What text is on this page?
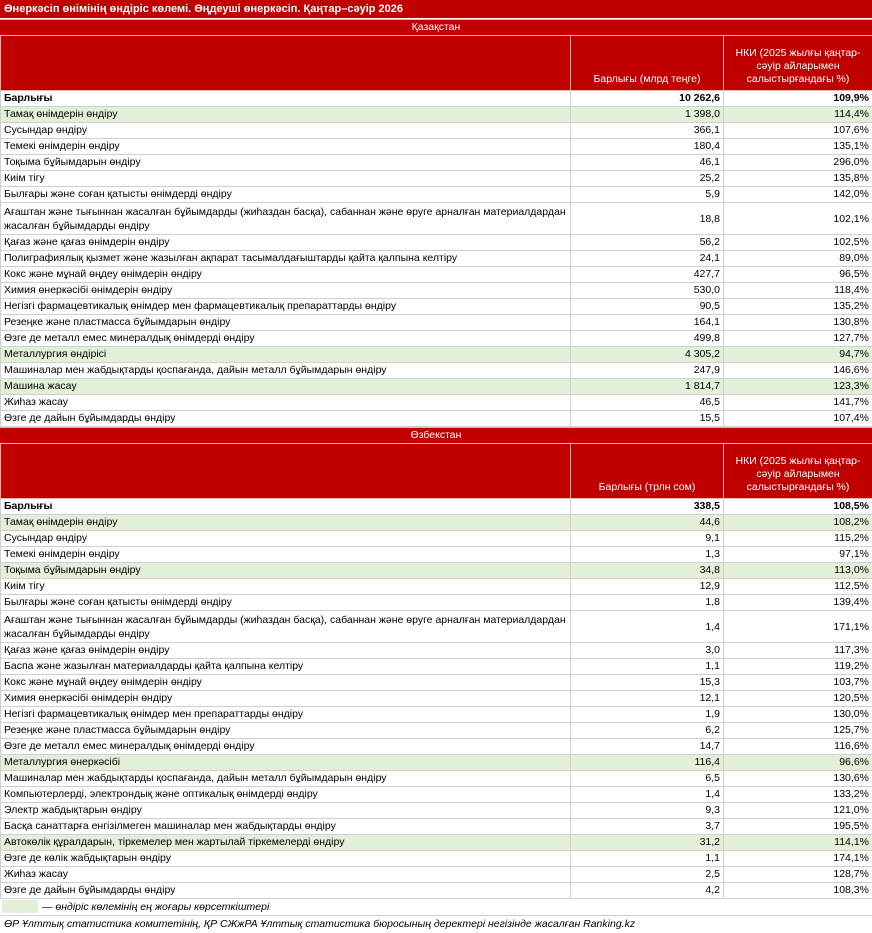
Өнеркәсіп өнімінің өндіріс көлемі. Өңдеуші өнеркәсіп. Қаңтар–сәуір 2026
Қазақстан
	Барлығы (млрд теңге)	НКИ (2025 жылғы қаңтар-сәуір айларымен салыстырғандағы %)
Барлығы	10 262,6	109,9%
Тамақ өнімдерін өндіру	1 398,0	114,4%
Сусындар өндіру	366,1	107,6%
Темекі өнімдерін өндіру	180,4	135,1%
Тоқыма бұйымдарын өндіру	46,1	296,0%
Киім тігу	25,2	135,8%
Былғары және соған қатысты өнімдерді өндіру	5,9	142,0%
Ағаштан және тығыннан жасалған бұйымдарды (жиһаздан басқа), сабаннан және өруге арналған материалдардан жасалған бұйымдарды өндіру	18,8	102,1%
Қағаз және қағаз өнімдерін өндіру	56,2	102,5%
Полиграфиялық қызмет және жазылған ақпарат тасымалдағыштарды қайта қалпына келтіру	24,1	89,0%
Кокс және мұнай өңдеу өнімдерін өндіру	427,7	96,5%
Химия өнеркәсібі өнімдерін өндіру	530,0	118,4%
Негізгі фармацевтикалық өнімдер мен фармацевтикалық препараттарды өндіру	90,5	135,2%
Резеңке және пластмасса бұйымдарын өндіру	164,1	130,8%
Өзге де металл емес минералдық өнімдерді өндіру	499,8	127,7%
Металлургия өндірісі	4 305,2	94,7%
Машиналар мен жабдықтарды қоспағанда, дайын металл бұйымдарын өндіру	247,9	146,6%
Машина жасау	1 814,7	123,3%
Жиһаз жасау	46,5	141,7%
Өзге де дайын бұйымдарды өндіру	15,5	107,4%
Өзбекстан
	Барлығы (трлн сом)	НКИ (2025 жылғы қаңтар-сәуір айларымен салыстырғандағы %)
Барлығы	338,5	108,5%
Тамақ өнімдерін өндіру	44,6	108,2%
Сусындар өндіру	9,1	115,2%
Темекі өнімдерін өндіру	1,3	97,1%
Тоқыма бұйымдарын өндіру	34,8	113,0%
Киім тігу	12,9	112,5%
Былғары және соған қатысты өнімдерді өндіру	1,8	139,4%
Ағаштан және тығыннан жасалған бұйымдарды (жиһаздан басқа), сабаннан және өруге арналған материалдардан жасалған бұйымдарды өндіру	1,4	171,1%
Қағаз және қағаз өнімдерін өндіру	3,0	117,3%
Баспа және жазылған материалдарды қайта қалпына келтіру	1,1	119,2%
Кокс және мұнай өңдеу өнімдерін өндіру	15,3	103,7%
Химия өнеркәсібі өнімдерін өндіру	12,1	120,5%
Негізгі фармацевтикалық өнімдер мен препараттарды өндіру	1,9	130,0%
Резеңке және пластмасса бұйымдарын өндіру	6,2	125,7%
Өзге де металл емес минералдық өнімдерді өндіру	14,7	116,6%
Металлургия өнеркәсібі	116,4	96,6%
Машиналар мен жабдықтарды қоспағанда, дайын металл бұйымдарын өндіру	6,5	130,6%
Компьютерлерді, электрондық және оптикалық өнімдерді өндіру	1,4	133,2%
Электр жабдықтарын өндіру	9,3	121,0%
Басқа санаттарға енгізілмеген машиналар мен жабдықтарды өндіру	3,7	195,5%
Автокөлік құралдарын, тіркемелер мен жартылай тіркемелерді өндіру	31,2	114,1%
Өзге де көлік жабдықтарын өндіру	1,1	174,1%
Жиһаз жасау	2,5	128,7%
Өзге де дайын бұйымдарды өндіру	4,2	108,3%
— өндіріс көлемінің ең жоғары көрсеткіштері
ӨР Ұлттық статистика комитетінің, ҚР СЖжРА Ұлттық статистика бюросының деректері негізінде жасалған Ranking.kz
